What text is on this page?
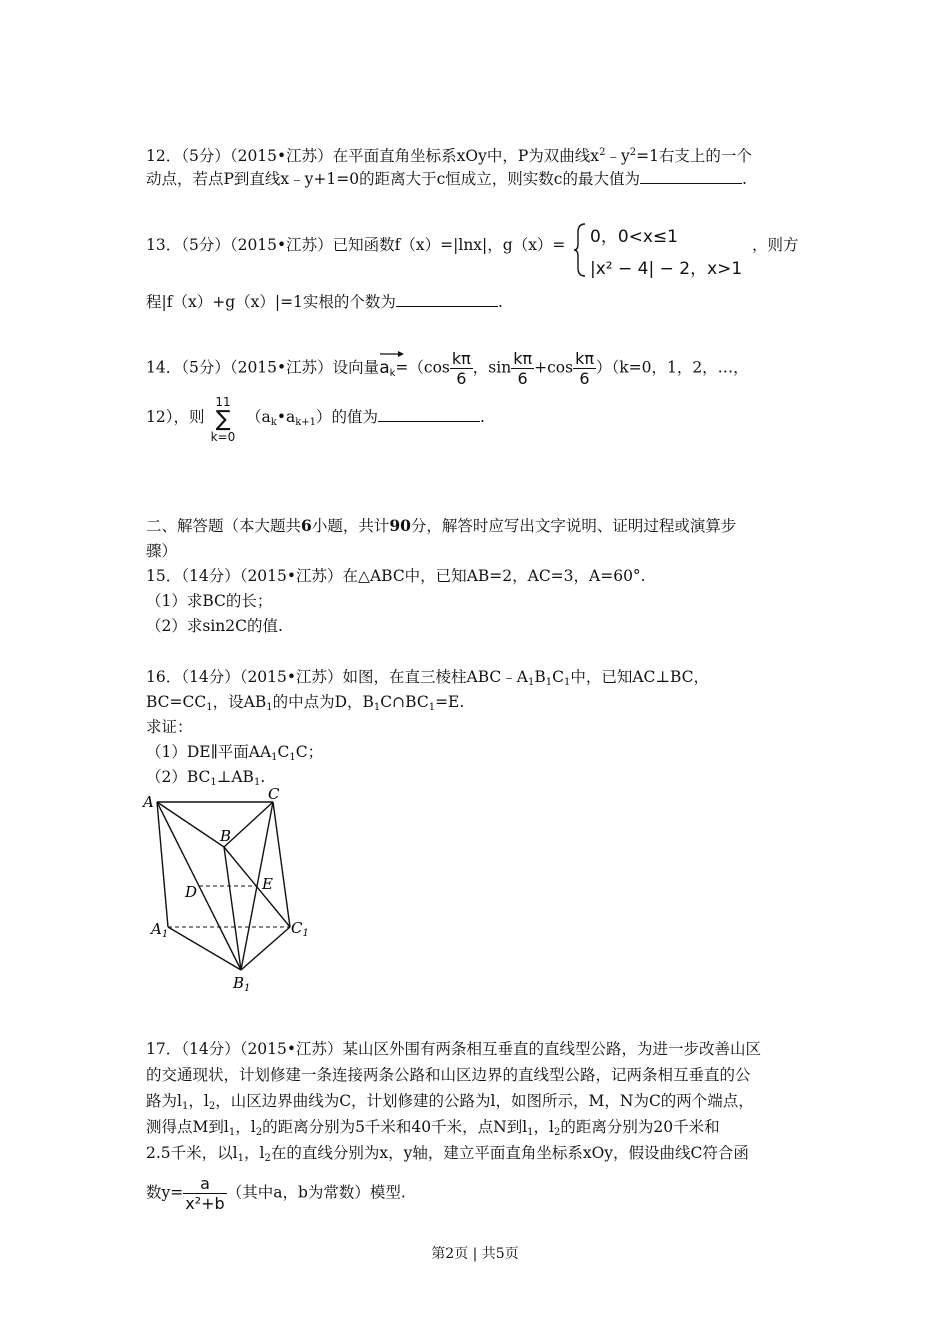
12．（5分）（2015•江苏）在平面直角坐标系xOy中，P为双曲线$x^2﹣y^2=1$右支上的一个
动点，若点P到直线x﹣y+1=0的距离大于c恒成立，则实数c的最大值为	.
13．（5分）（2015•江苏）已知函数f（x）=|lnx|，g（x）= 0，0<x≤1
|x² − 4| − 2，x>1
，则方
程|f（x）+g（x）|=1实根的个数为	.
14．（5分）（2015•江苏）设向量
$a_k=(\cos \frac{k\pi}{6}$ ，$\sin \frac{k\pi}{6} +\cos \frac{k\pi}{6} )(k=0$，1，2，…，
12），则
11
∑
k=0
$(a_k•a_{k+1})$的值为	.
二、解答题（本大题共6小题，共计90分，解答时应写出文字说明、证明过程或演算步
骤）
15．（14分）（2015•江苏）在△ABC中，已知AB=2，AC=3，A=60°.
（1）求BC的长；
（2）求sin2C的值.
16．（14分）（2015•江苏）如图，在直三棱柱$ABC﹣A_1B_1C_1$中，已知AC⊥BC，
$BC=CC_1$，设$AB_1$的中点为D，$B_1C\cap BC_1=E$.
求证：
（1）DE∥平面$AA_1C_1C$；
$(2)BC_1\perp AB_1$.
A	C
B
D	E
$A_1$	$C_1$
$B_1$
17．（14分）（2015•江苏）某山区外围有两条相互垂直的直线型公路，为进一步改善山区
的交通现状，计划修建一条连接两条公路和山区边界的直线型公路，记两条相互垂直的公
路为$l_1$，$l_2$，山区边界曲线为C，计划修建的公路为l，如图所示，M，N为C的两个端点，
测得点M到$l_1$，$l_2$的距离分别为5千米和40千米，点N到$l_1$，$l_2$的距离分别为20千米和
2.5千米，以$l_1$，$l_2$在的直线分别为x，y轴，建立平面直角坐标系xOy，假设曲线C符合函
数$y= \frac{a}{\text{x²+b}}$ （其中a，b为常数）模型.
第2页 | 共5页
